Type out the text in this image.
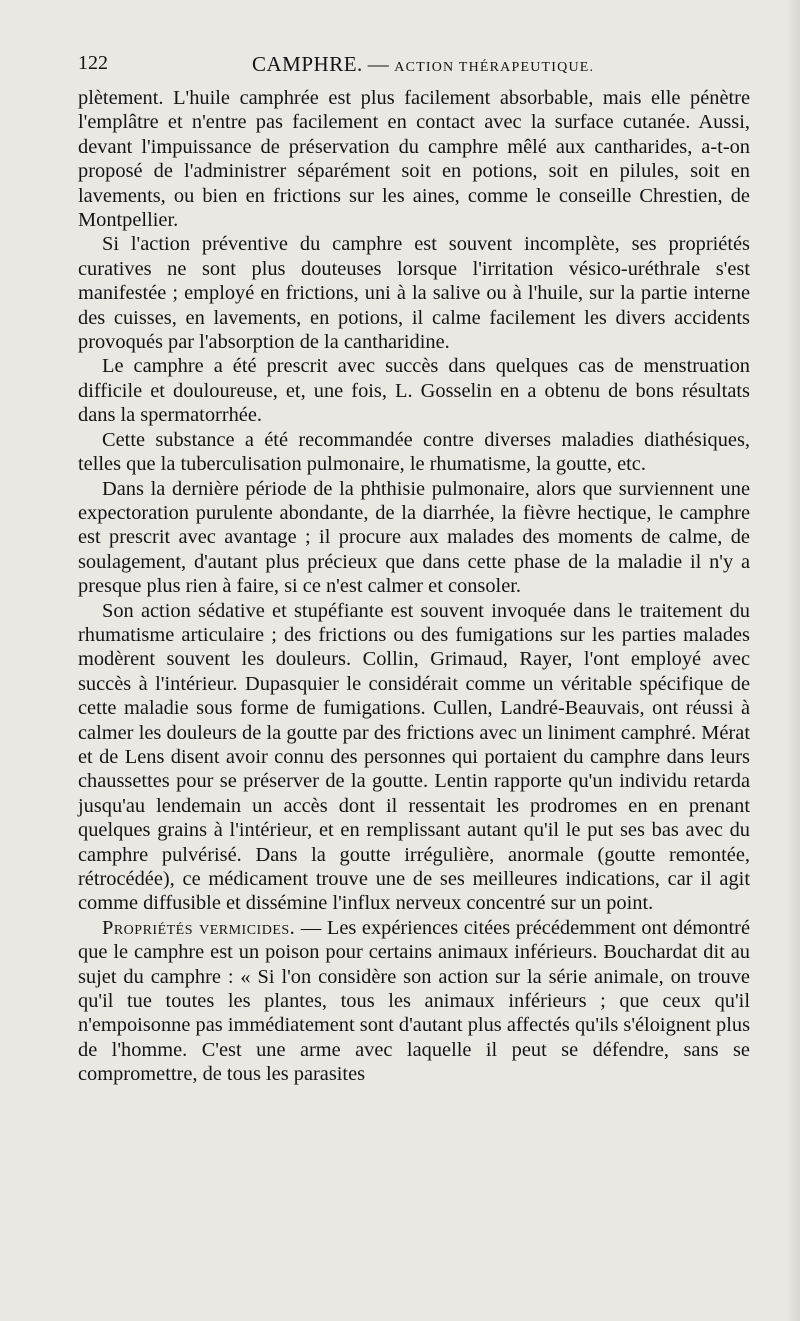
122	CAMPHRE. — ACTION THÉRAPEUTIQUE.

plètement. L'huile camphrée est plus facilement absorbable, mais elle pénètre l'emplâtre et n'entre pas facilement en contact avec la surface cutanée. Aussi, devant l'impuissance de préservation du camphre mêlé aux cantharides, a-t-on proposé de l'administrer séparément soit en potions, soit en pilules, soit en lavements, ou bien en frictions sur les aines, comme le conseille Chrestien, de Montpellier.

Si l'action préventive du camphre est souvent incomplète, ses propriétés curatives ne sont plus douteuses lorsque l'irritation vésico-uréthrale s'est manifestée ; employé en frictions, uni à la salive ou à l'huile, sur la partie interne des cuisses, en lavements, en potions, il calme facilement les divers accidents provoqués par l'absorption de la cantharidine.

Le camphre a été prescrit avec succès dans quelques cas de menstruation difficile et douloureuse, et, une fois, L. Gosselin en a obtenu de bons résultats dans la spermatorrhée.

Cette substance a été recommandée contre diverses maladies diathésiques, telles que la tuberculisation pulmonaire, le rhumatisme, la goutte, etc.

Dans la dernière période de la phthisie pulmonaire, alors que surviennent une expectoration purulente abondante, de la diarrhée, la fièvre hectique, le camphre est prescrit avec avantage ; il procure aux malades des moments de calme, de soulagement, d'autant plus précieux que dans cette phase de la maladie il n'y a presque plus rien à faire, si ce n'est calmer et consoler.

Son action sédative et stupéfiante est souvent invoquée dans le traitement du rhumatisme articulaire ; des frictions ou des fumigations sur les parties malades modèrent souvent les douleurs. Collin, Grimaud, Rayer, l'ont employé avec succès à l'intérieur. Dupasquier le considérait comme un véritable spécifique de cette maladie sous forme de fumigations. Cullen, Landré-Beauvais, ont réussi à calmer les douleurs de la goutte par des frictions avec un liniment camphré. Mérat et de Lens disent avoir connu des personnes qui portaient du camphre dans leurs chaussettes pour se préserver de la goutte. Lentin rapporte qu'un individu retarda jusqu'au lendemain un accès dont il ressentait les prodromes en en prenant quelques grains à l'intérieur, et en remplissant autant qu'il le put ses bas avec du camphre pulvérisé. Dans la goutte irrégulière, anormale (goutte remontée, rétrocédée), ce médicament trouve une de ses meilleures indications, car il agit comme diffusible et dissémine l'influx nerveux concentré sur un point.

Propriétés vermicides. — Les expériences citées précédemment ont démontré que le camphre est un poison pour certains animaux inférieurs. Bouchardat dit au sujet du camphre : « Si l'on considère son action sur la série animale, on trouve qu'il tue toutes les plantes, tous les animaux inférieurs ; que ceux qu'il n'empoisonne pas immédiatement sont d'autant plus affectés qu'ils s'éloignent plus de l'homme. C'est une arme avec laquelle il peut se défendre, sans se compromettre, de tous les parasites
